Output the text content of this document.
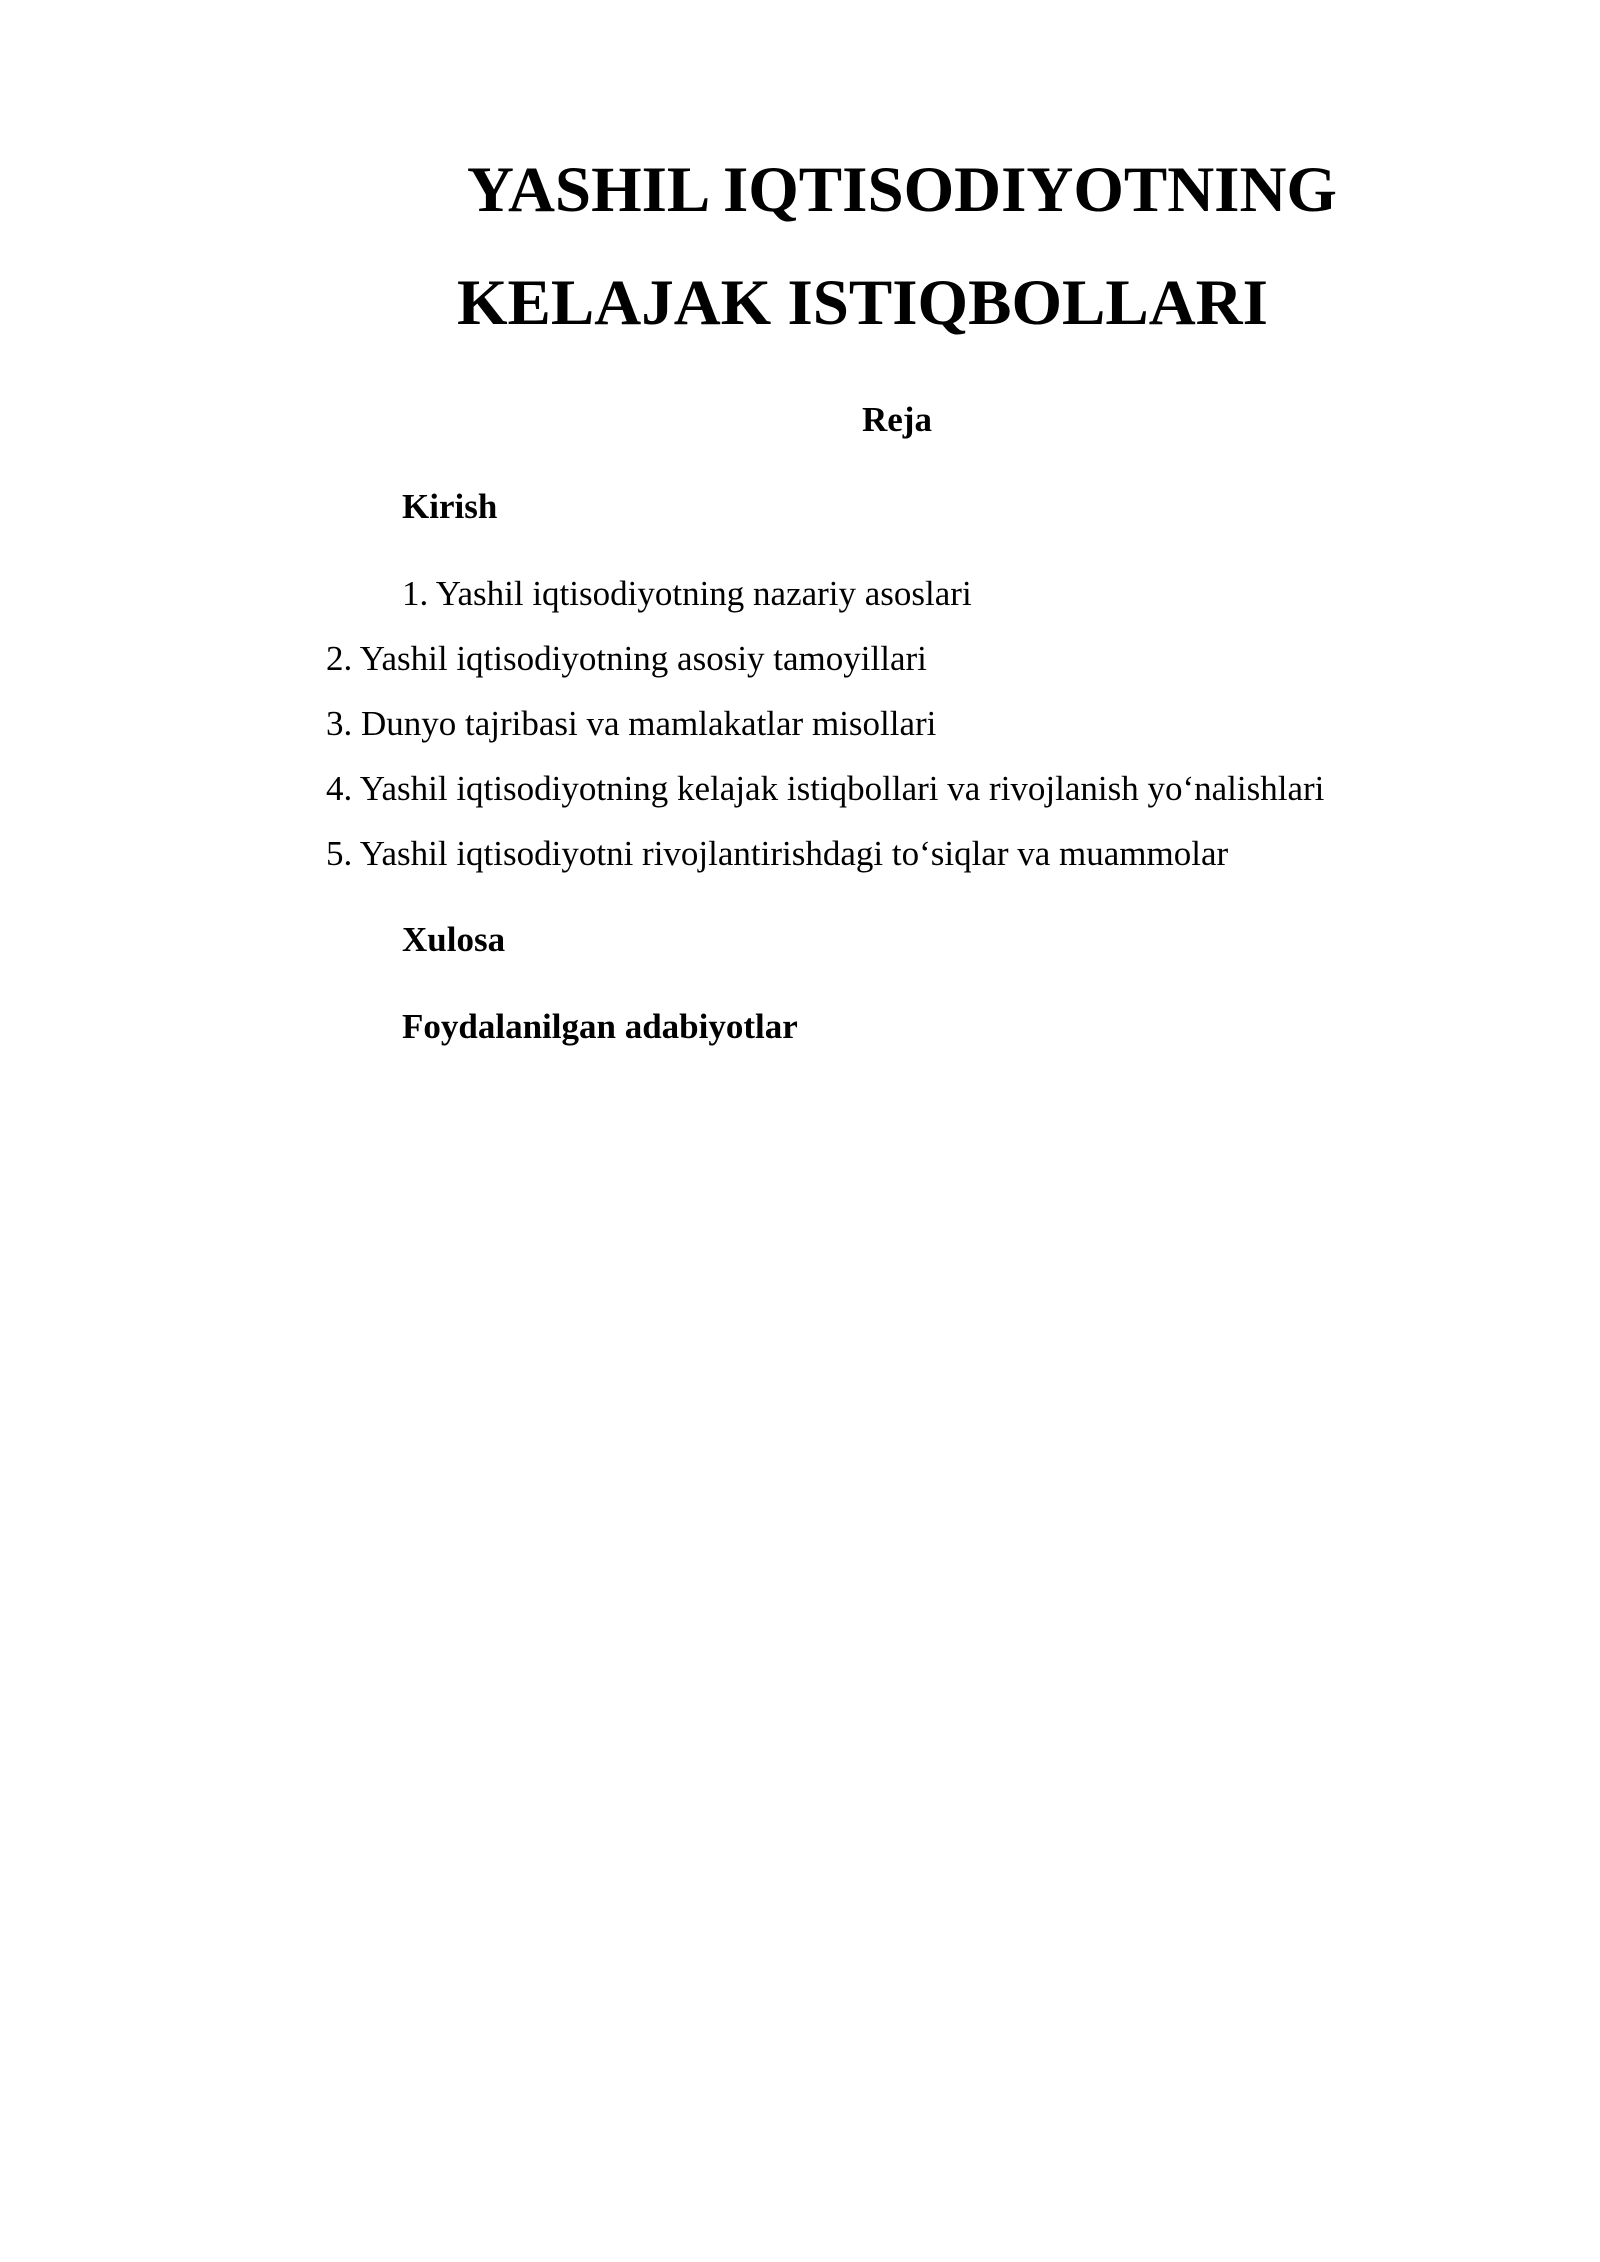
YASHIL IQTISODIYOTNING
KELAJAK ISTIQBOLLARI
Reja
Kirish
1. Yashil iqtisodiyotning nazariy asoslari
2. Yashil iqtisodiyotning asosiy tamoyillari
3. Dunyo tajribasi va mamlakatlar misollari
4. Yashil iqtisodiyotning kelajak istiqbollari va rivojlanish yo‘nalishlari
5. Yashil iqtisodiyotni rivojlantirishdagi to‘siqlar va muammolar
Xulosa
Foydalanilgan adabiyotlar
